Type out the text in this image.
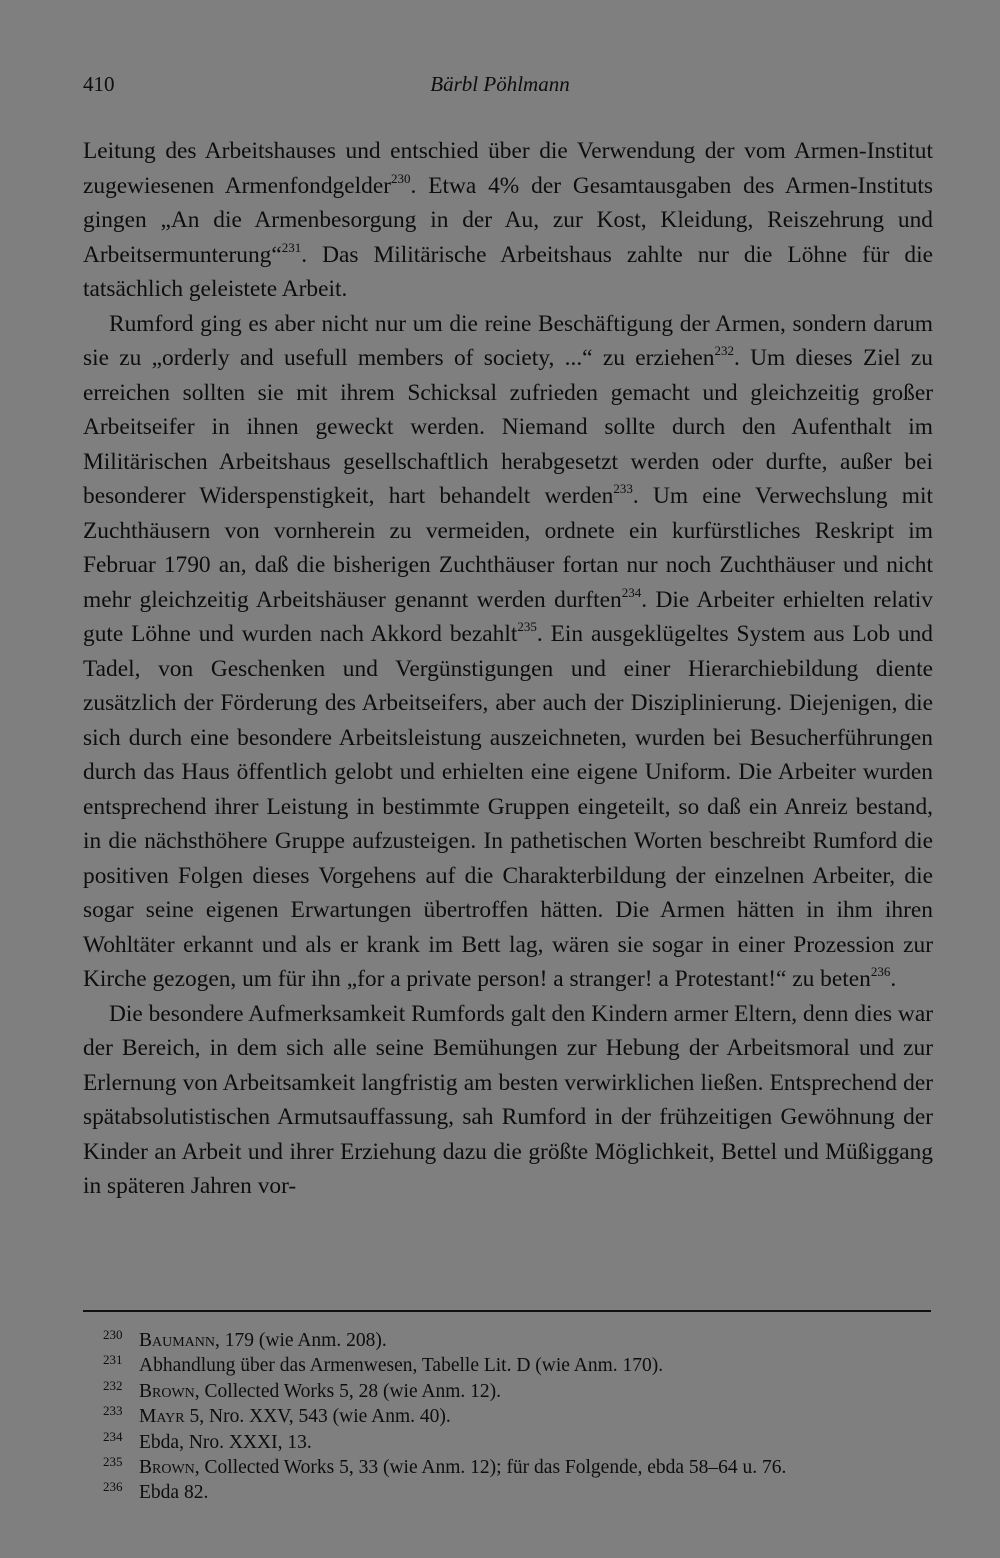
410	Bärbl Pöhlmann

Leitung des Arbeitshauses und entschied über die Verwendung der vom Armen-Institut zugewiesenen Armenfondgelder$^{230}$. Etwa 4% der Gesamtausgaben des Armen-Instituts gingen „An die Armenbesorgung in der Au, zur Kost, Kleidung, Reiszehrung und Arbeitsermunterung“$^{231}$. Das Militärische Arbeitshaus zahlte nur die Löhne für die tatsächlich geleistete Arbeit.

Rumford ging es aber nicht nur um die reine Beschäftigung der Armen, sondern darum sie zu „orderly and usefull members of society, ...“ zu erziehen$^{232}$. Um dieses Ziel zu erreichen sollten sie mit ihrem Schicksal zufrieden gemacht und gleichzeitig großer Arbeitseifer in ihnen geweckt werden. Niemand sollte durch den Aufenthalt im Militärischen Arbeitshaus gesellschaftlich herabgesetzt werden oder durfte, außer bei besonderer Widerspenstigkeit, hart behandelt werden$^{233}$. Um eine Verwechslung mit Zuchthäusern von vornherein zu vermeiden, ordnete ein kurfürstliches Reskript im Februar 1790 an, daß die bisherigen Zuchthäuser fortan nur noch Zuchthäuser und nicht mehr gleichzeitig Arbeitshäuser genannt werden durften$^{234}$. Die Arbeiter erhielten relativ gute Löhne und wurden nach Akkord bezahlt$^{235}$. Ein ausgeklügeltes System aus Lob und Tadel, von Geschenken und Vergünstigungen und einer Hierarchiebildung diente zusätzlich der Förderung des Arbeitseifers, aber auch der Disziplinierung. Diejenigen, die sich durch eine besondere Arbeitsleistung auszeichneten, wurden bei Besucherführungen durch das Haus öffentlich gelobt und erhielten eine eigene Uniform. Die Arbeiter wurden entsprechend ihrer Leistung in bestimmte Gruppen eingeteilt, so daß ein Anreiz bestand, in die nächsthöhere Gruppe aufzusteigen. In pathetischen Worten beschreibt Rumford die positiven Folgen dieses Vorgehens auf die Charakterbildung der einzelnen Arbeiter, die sogar seine eigenen Erwartungen übertroffen hätten. Die Armen hätten in ihm ihren Wohltäter erkannt und als er krank im Bett lag, wären sie sogar in einer Prozession zur Kirche gezogen, um für ihn „for a private person! a stranger! a Protestant!“ zu beten$^{236}$.

Die besondere Aufmerksamkeit Rumfords galt den Kindern armer Eltern, denn dies war der Bereich, in dem sich alle seine Bemühungen zur Hebung der Arbeitsmoral und zur Erlernung von Arbeitsamkeit langfristig am besten verwirklichen ließen. Entsprechend der spätabsolutistischen Armutsauffassung, sah Rumford in der frühzeitigen Gewöhnung der Kinder an Arbeit und ihrer Erziehung dazu die größte Möglichkeit, Bettel und Müßiggang in späteren Jahren vor-

230 Baumann, 179 (wie Anm. 208).
231 Abhandlung über das Armenwesen, Tabelle Lit. D (wie Anm. 170).
232 Brown, Collected Works 5, 28 (wie Anm. 12).
233 Mayr 5, Nro. XXV, 543 (wie Anm. 40).
234 Ebda, Nro. XXXI, 13.
235 Brown, Collected Works 5, 33 (wie Anm. 12); für das Folgende, ebda 58–64 u. 76.
236 Ebda 82.
